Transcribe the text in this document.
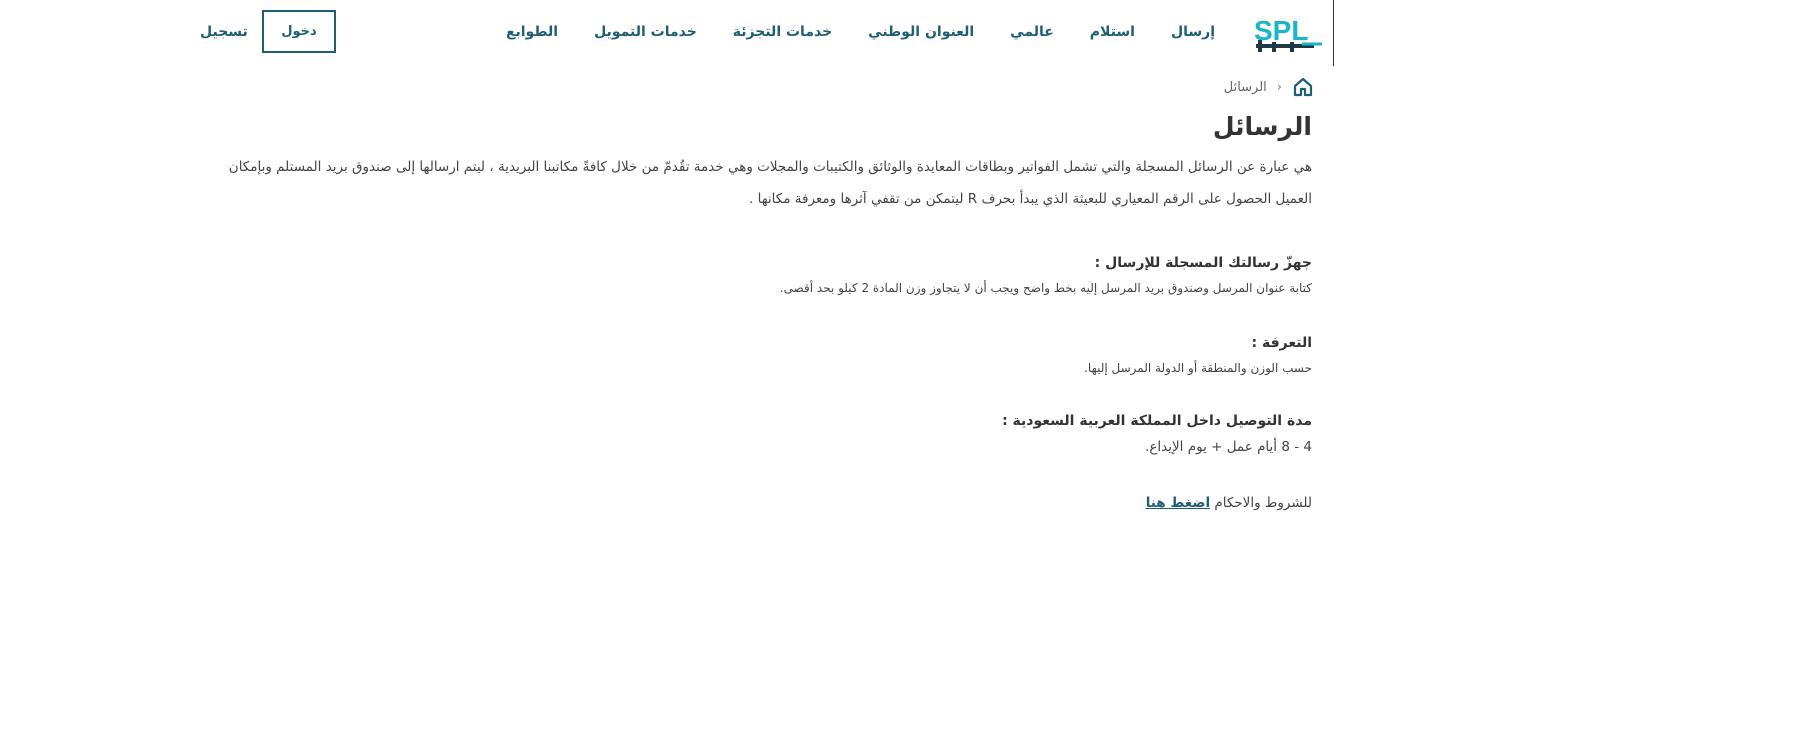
SPL
إرسال
استلام
عالمي
العنوان الوطني
خدمات التجزئة
خدمات التمويل
الطوابع
دخول
تسجيل
‹
الرسائل
الرسائل

هي عبارة عن الرسائل المسجلة والتي تشمل الفواتير وبطاقات المعايدة والوثائق والكتيبات والمجلات وهي خدمة تقُدمّ من خلال كافةً مكاتبنا البريدية ، ليتم ارسالها إلى صندوق بريد المستلم وبإمكان العميل الحصول على الرقم المعياري للبعيثة الذي يبدأ بحرف R ليتمكن من تقفي آثرها ومعرفة مكانها .

جهزّ رسالتك المسجلة للإرسال :

كتابة عنوان المرسل وصندوق بريد المرسل إليه بخط واضح ويجب أن لا يتجاوز وزن المادة 2 كيلو بحد أقصى.

التعرفة :

حسب الوزن والمنطقة أو الدولة المرسل إليها.

مدة التوصيل داخل المملكة العربية السعودية :

4 - 8 أيام عمل + يوم الإيداع.

للشروط والاحكام اضغط هنا
